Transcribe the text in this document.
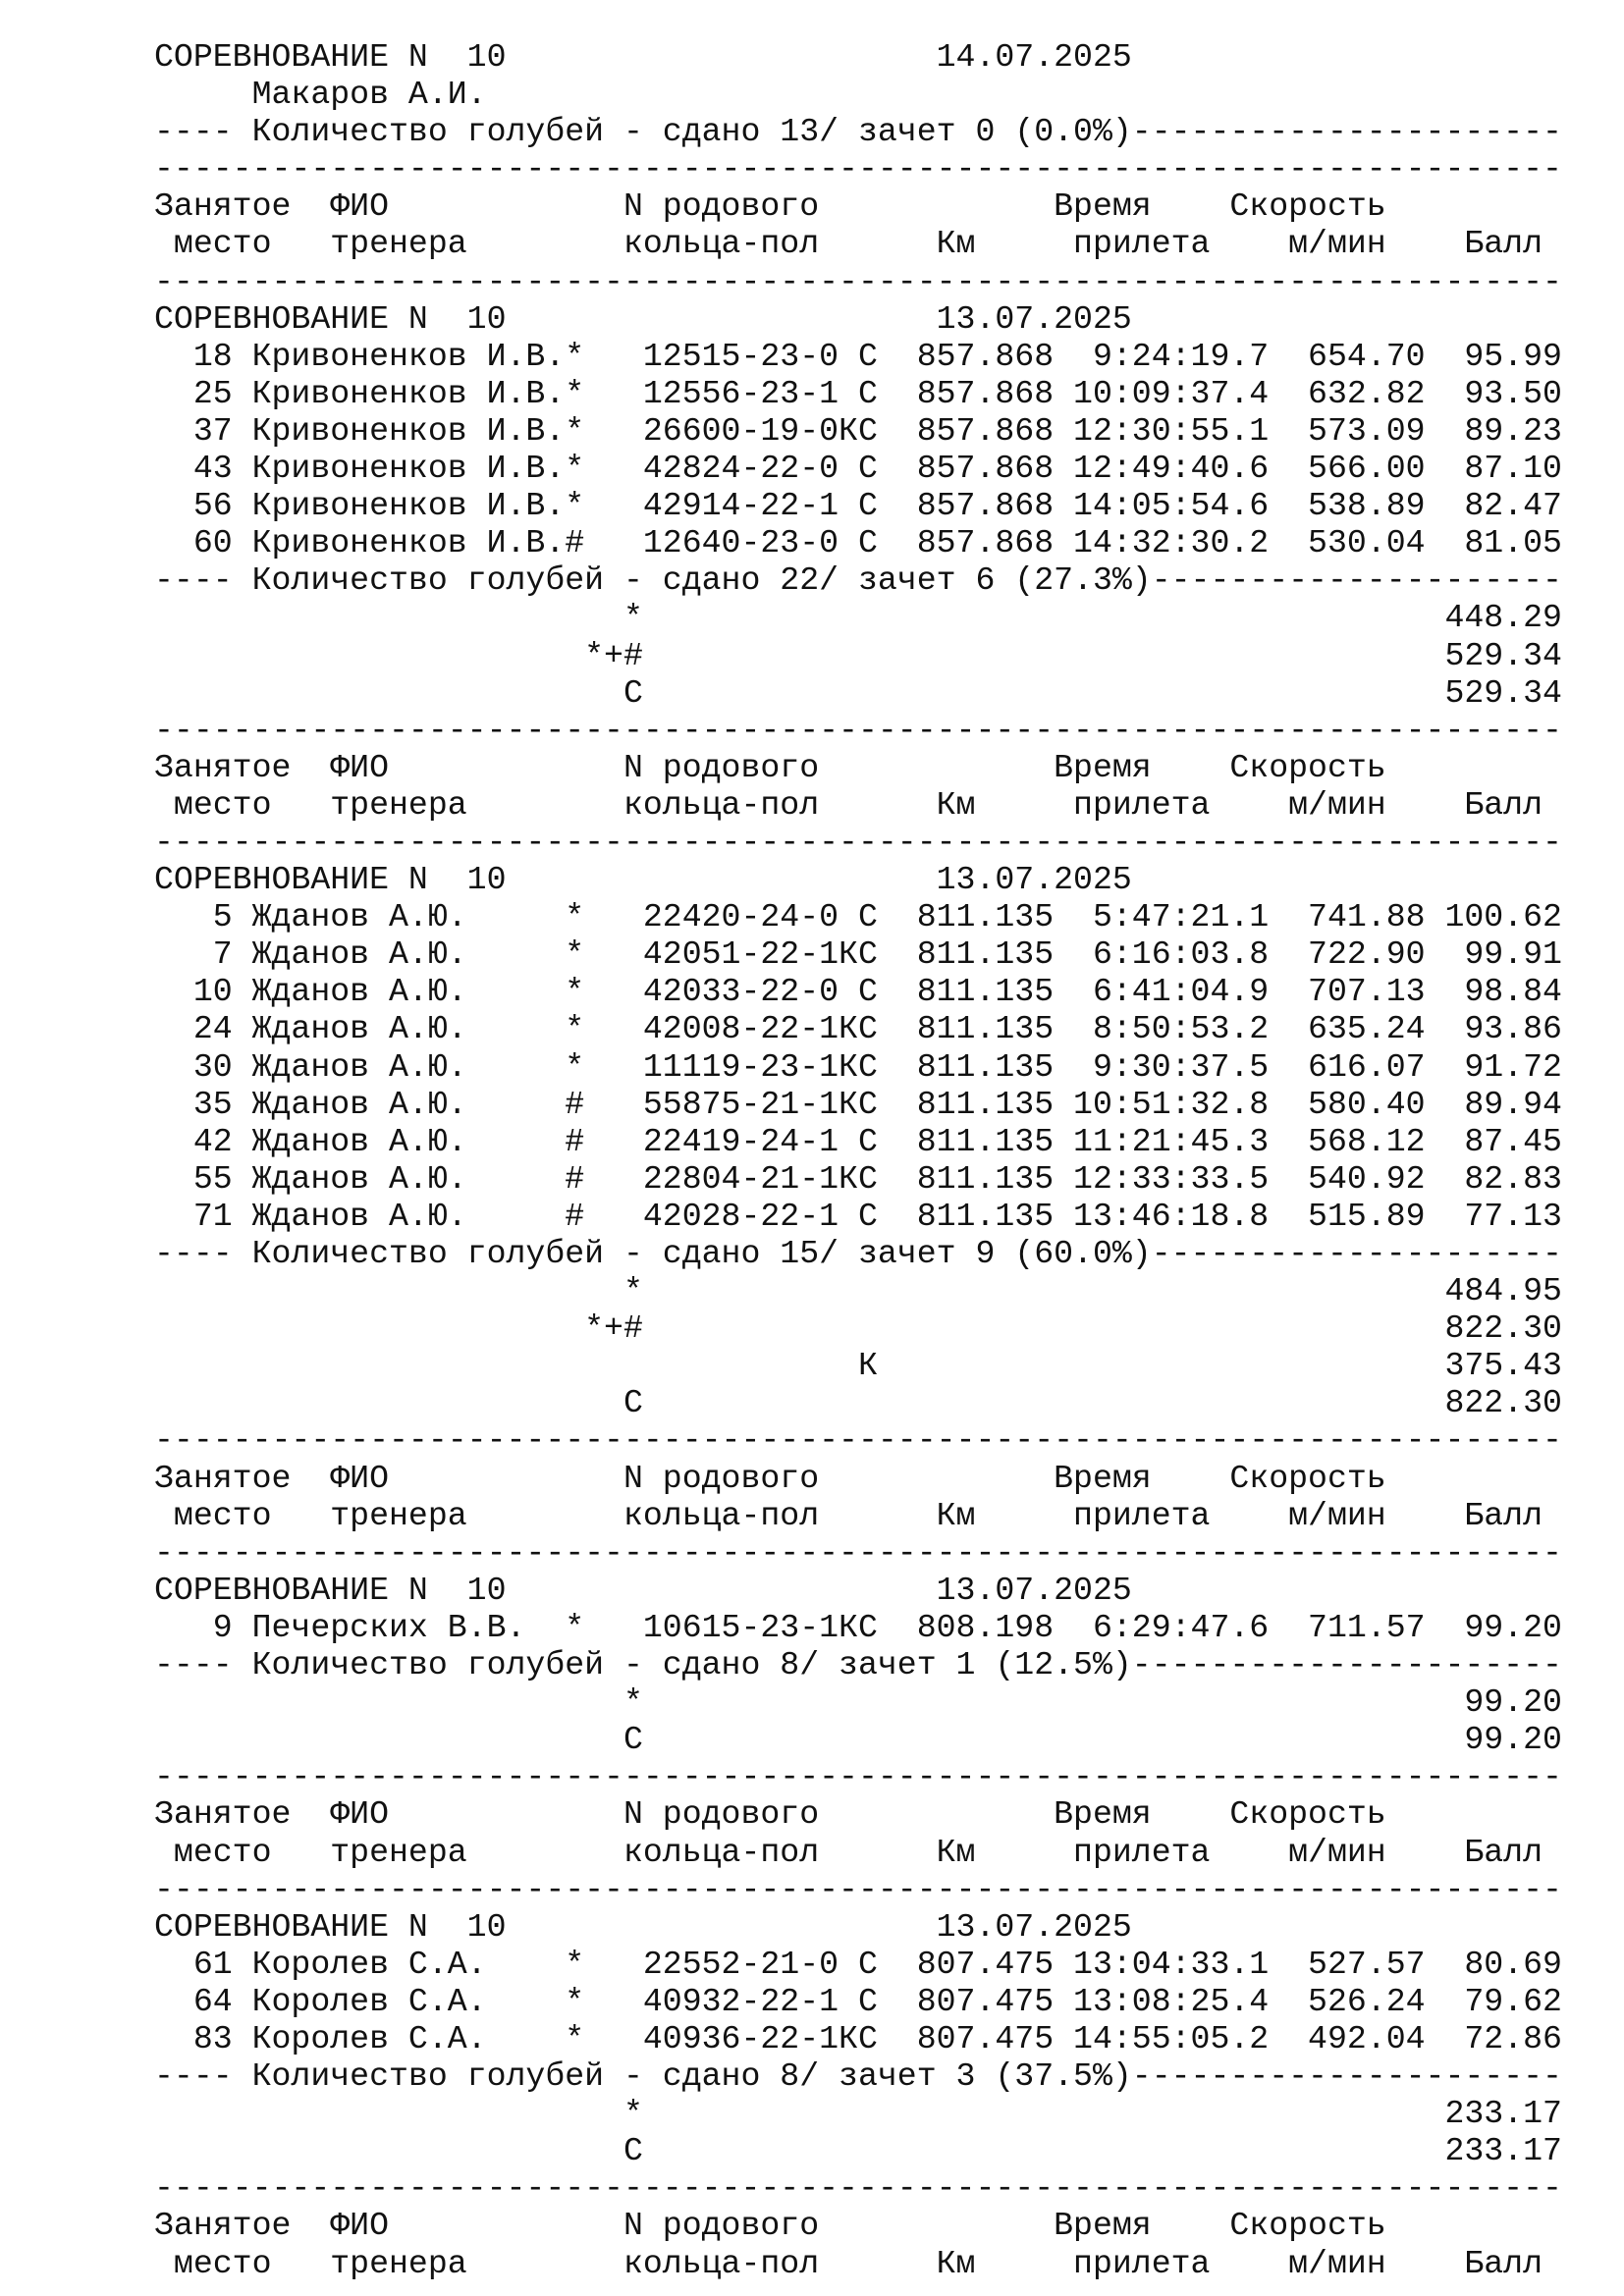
СОРЕВНОВАНИЕ N  10                      14.07.2025
Макаров А.И.
---- Количество голубей - сдано 13/ зачет 0 (0.0%)----------------------
------------------------------------------------------------------------
Занятое  ФИО            N родового            Время    Скорость
место   тренера        кольца-пол      Км     прилета    м/мин    Балл
------------------------------------------------------------------------
СОРЕВНОВАНИЕ N  10                      13.07.2025
18 Кривоненков И.В.*   12515-23-0 С  857.868  9:24:19.7  654.70  95.99
25 Кривоненков И.В.*   12556-23-1 С  857.868 10:09:37.4  632.82  93.50
37 Кривоненков И.В.*   26600-19-0КС  857.868 12:30:55.1  573.09  89.23
43 Кривоненков И.В.*   42824-22-0 С  857.868 12:49:40.6  566.00  87.10
56 Кривоненков И.В.*   42914-22-1 С  857.868 14:05:54.6  538.89  82.47
60 Кривоненков И.В.#   12640-23-0 С  857.868 14:32:30.2  530.04  81.05
---- Количество голубей - сдано 22/ зачет 6 (27.3%)---------------------
*                                         448.29
*+#                                         529.34
С                                         529.34
------------------------------------------------------------------------
Занятое  ФИО            N родового            Время    Скорость
место   тренера        кольца-пол      Км     прилета    м/мин    Балл
------------------------------------------------------------------------
СОРЕВНОВАНИЕ N  10                      13.07.2025
5 Жданов А.Ю.     *   22420-24-0 С  811.135  5:47:21.1  741.88 100.62
7 Жданов А.Ю.     *   42051-22-1КС  811.135  6:16:03.8  722.90  99.91
10 Жданов А.Ю.     *   42033-22-0 С  811.135  6:41:04.9  707.13  98.84
24 Жданов А.Ю.     *   42008-22-1КС  811.135  8:50:53.2  635.24  93.86
30 Жданов А.Ю.     *   11119-23-1КС  811.135  9:30:37.5  616.07  91.72
35 Жданов А.Ю.     #   55875-21-1КС  811.135 10:51:32.8  580.40  89.94
42 Жданов А.Ю.     #   22419-24-1 С  811.135 11:21:45.3  568.12  87.45
55 Жданов А.Ю.     #   22804-21-1КС  811.135 12:33:33.5  540.92  82.83
71 Жданов А.Ю.     #   42028-22-1 С  811.135 13:46:18.8  515.89  77.13
---- Количество голубей - сдано 15/ зачет 9 (60.0%)---------------------
*                                         484.95
*+#                                         822.30
К                             375.43
С                                         822.30
------------------------------------------------------------------------
Занятое  ФИО            N родового            Время    Скорость
место   тренера        кольца-пол      Км     прилета    м/мин    Балл
------------------------------------------------------------------------
СОРЕВНОВАНИЕ N  10                      13.07.2025
9 Печерских В.В.  *   10615-23-1КС  808.198  6:29:47.6  711.57  99.20
---- Количество голубей - сдано 8/ зачет 1 (12.5%)----------------------
*                                          99.20
С                                          99.20
------------------------------------------------------------------------
Занятое  ФИО            N родового            Время    Скорость
место   тренера        кольца-пол      Км     прилета    м/мин    Балл
------------------------------------------------------------------------
СОРЕВНОВАНИЕ N  10                      13.07.2025
61 Королев С.А.    *   22552-21-0 С  807.475 13:04:33.1  527.57  80.69
64 Королев С.А.    *   40932-22-1 С  807.475 13:08:25.4  526.24  79.62
83 Королев С.А.    *   40936-22-1КС  807.475 14:55:05.2  492.04  72.86
---- Количество голубей - сдано 8/ зачет 3 (37.5%)----------------------
*                                         233.17
С                                         233.17
------------------------------------------------------------------------
Занятое  ФИО            N родового            Время    Скорость
место   тренера        кольца-пол      Км     прилета    м/мин    Балл
